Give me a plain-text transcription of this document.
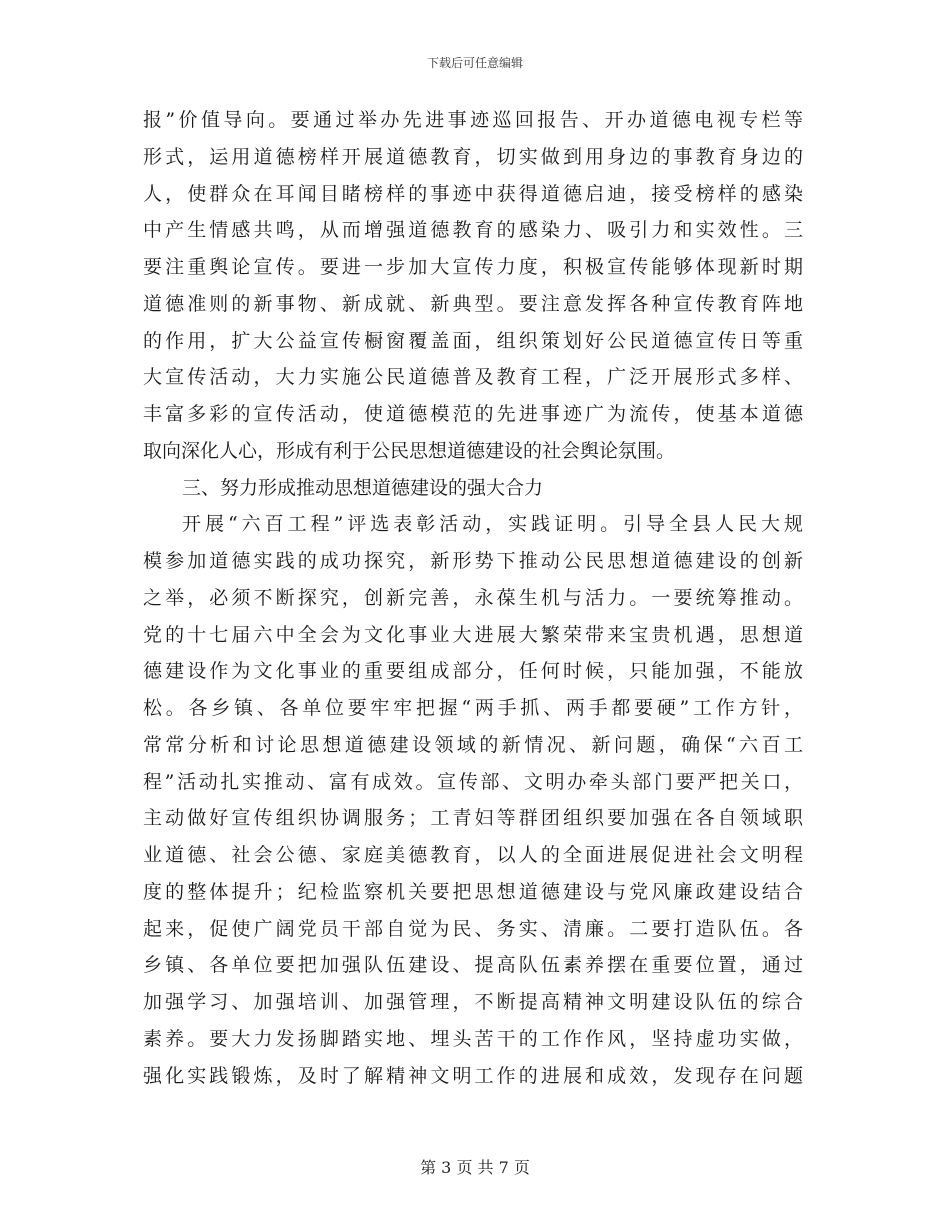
下载后可任意编辑
报”价值导向。要通过举办先进事迹巡回报告、开办道德电视专栏等
形式，运用道德榜样开展道德教育，切实做到用身边的事教育身边的
人，使群众在耳闻目睹榜样的事迹中获得道德启迪，接受榜样的感染
中产生情感共鸣，从而增强道德教育的感染力、吸引力和实效性。三
要注重舆论宣传。要进一步加大宣传力度，积极宣传能够体现新时期
道德准则的新事物、新成就、新典型。要注意发挥各种宣传教育阵地
的作用，扩大公益宣传橱窗覆盖面，组织策划好公民道德宣传日等重
大宣传活动，大力实施公民道德普及教育工程，广泛开展形式多样、
丰富多彩的宣传活动，使道德模范的先进事迹广为流传，使基本道德
取向深化人心，形成有利于公民思想道德建设的社会舆论氛围。
三、努力形成推动思想道德建设的强大合力
开展“六百工程”评选表彰活动，实践证明。引导全县人民大规
模参加道德实践的成功探究，新形势下推动公民思想道德建设的创新
之举，必须不断探究，创新完善，永葆生机与活力。一要统筹推动。
党的十七届六中全会为文化事业大进展大繁荣带来宝贵机遇，思想道
德建设作为文化事业的重要组成部分，任何时候，只能加强，不能放
松。各乡镇、各单位要牢牢把握“两手抓、两手都要硬”工作方针，
常常分析和讨论思想道德建设领域的新情况、新问题，确保“六百工
程”活动扎实推动、富有成效。宣传部、文明办牵头部门要严把关口，
主动做好宣传组织协调服务；工青妇等群团组织要加强在各自领域职
业道德、社会公德、家庭美德教育，以人的全面进展促进社会文明程
度的整体提升；纪检监察机关要把思想道德建设与党风廉政建设结合
起来，促使广阔党员干部自觉为民、务实、清廉。二要打造队伍。各
乡镇、各单位要把加强队伍建设、提高队伍素养摆在重要位置，通过
加强学习、加强培训、加强管理，不断提高精神文明建设队伍的综合
素养。要大力发扬脚踏实地、埋头苦干的工作作风，坚持虚功实做，
强化实践锻炼，及时了解精神文明工作的进展和成效，发现存在问题
第 3 页 共 7 页
